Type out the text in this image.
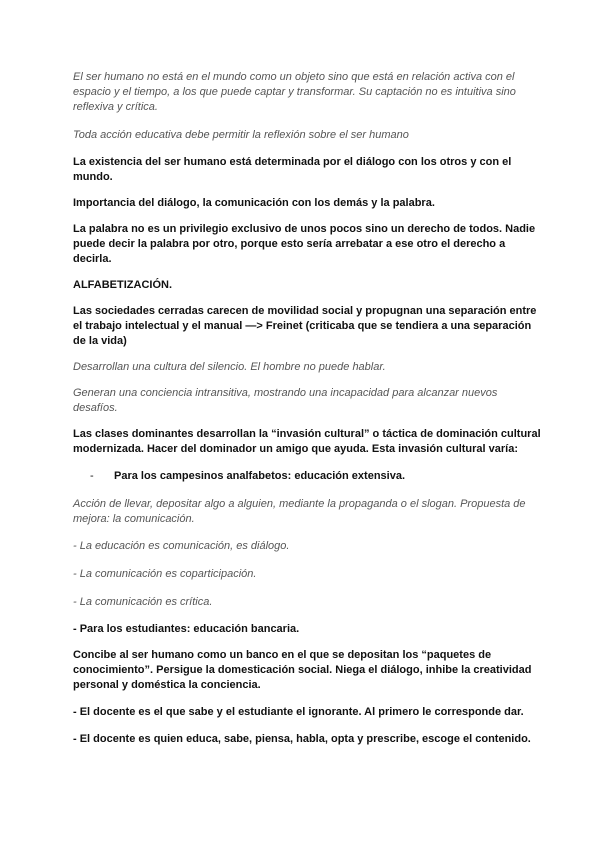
El ser humano no está en el mundo como un objeto sino que está en relación activa con el espacio y el tiempo, a los que puede captar y transformar. Su captación no es intuitiva sino reflexiva y crítica.

Toda acción educativa debe permitir la reflexión sobre el ser humano

La existencia del ser humano está determinada por el diálogo con los otros y con el mundo.

Importancia del diálogo, la comunicación con los demás y la palabra.

La palabra no es un privilegio exclusivo de unos pocos sino un derecho de todos. Nadie puede decir la palabra por otro, porque esto sería arrebatar a ese otro el derecho a decirla.

ALFABETIZACIÓN.

Las sociedades cerradas carecen de movilidad social y propugnan una separación entre el trabajo intelectual y el manual —> Freinet (criticaba que se tendiera a una separación de la vida)

Desarrollan una cultura del silencio. El hombre no puede hablar.

Generan una conciencia intransitiva, mostrando una incapacidad para alcanzar nuevos desafíos.

Las clases dominantes desarrollan la “invasión cultural” o táctica de dominación cultural modernizada. Hacer del dominador un amigo que ayuda. Esta invasión cultural varía:

-	Para los campesinos analfabetos: educación extensiva.

Acción de llevar, depositar algo a alguien, mediante la propaganda o el slogan. Propuesta de mejora: la comunicación.

- La educación es comunicación, es diálogo.

- La comunicación es coparticipación.

- La comunicación es crítica.

- Para los estudiantes: educación bancaria.

Concibe al ser humano como un banco en el que se depositan los “paquetes de conocimiento”. Persigue la domesticación social. Niega el diálogo, inhibe la creatividad personal y doméstica la conciencia.

- El docente es el que sabe y el estudiante el ignorante. Al primero le corresponde dar.

- El docente es quien educa, sabe, piensa, habla, opta y prescribe, escoge el contenido.
